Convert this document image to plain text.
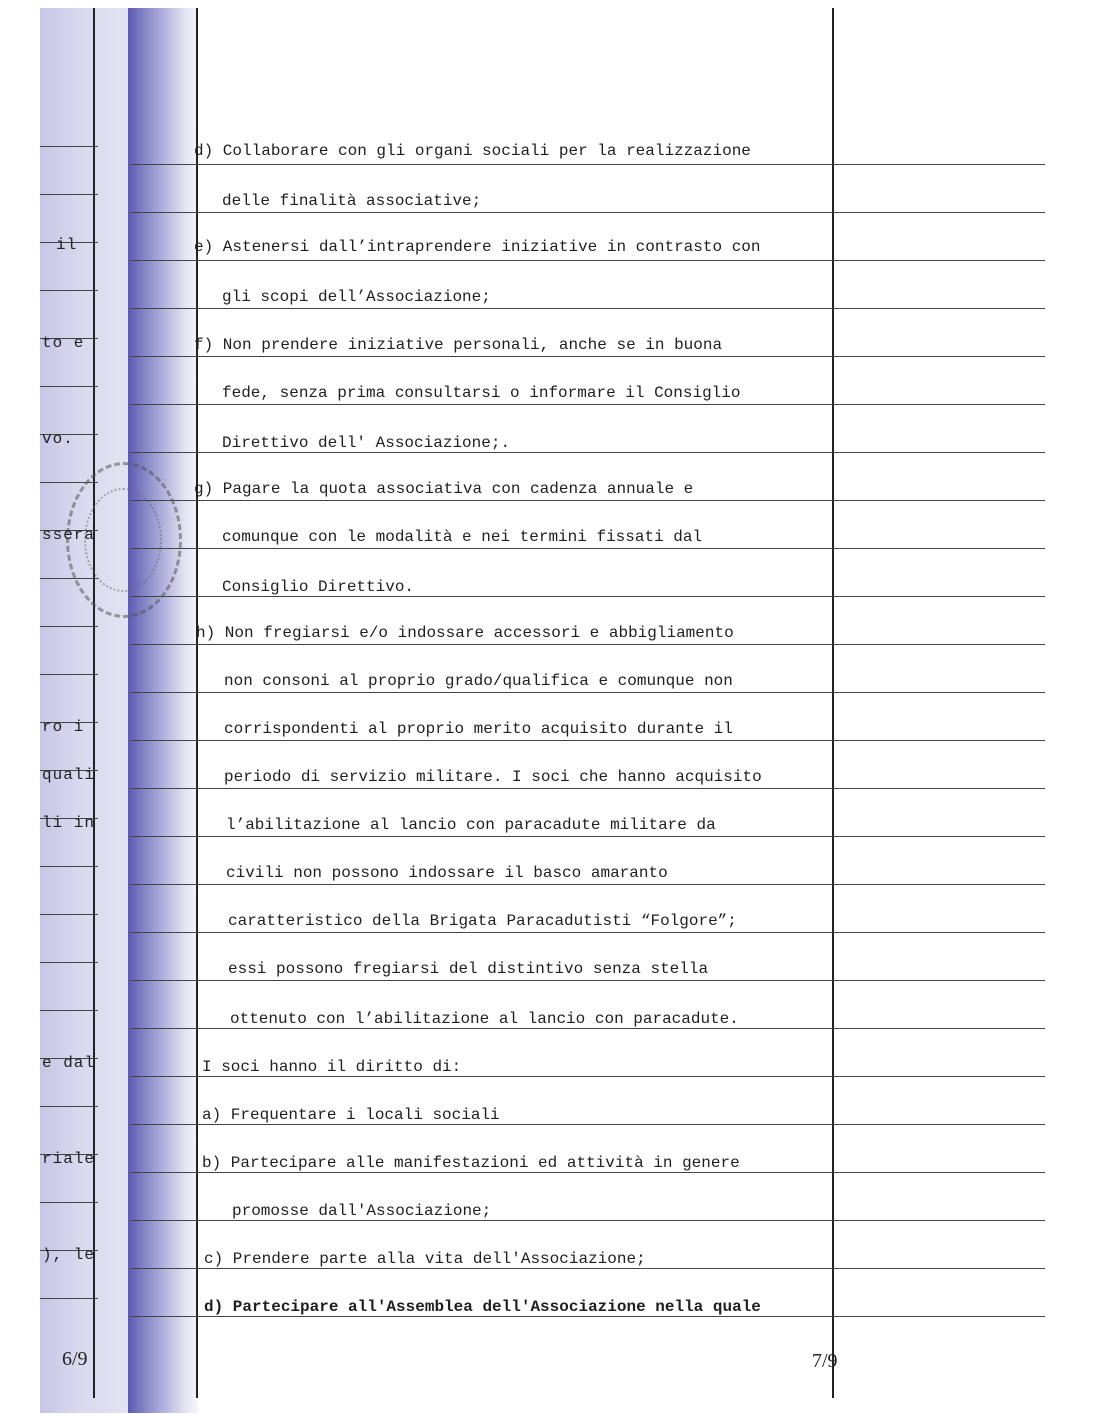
il
to e
vo.
ssera
ro i
quali
li in
e dal
riale
), le
6/9
d) Collaborare con gli organi sociali per la realizzazione
delle finalità associative;
e) Astenersi dall’intraprendere iniziative in contrasto con
gli scopi dell’Associazione;
f) Non prendere iniziative personali, anche se in buona
fede, senza prima consultarsi o informare il Consiglio
Direttivo dell' Associazione;.
g) Pagare la quota associativa con cadenza annuale e
comunque con le modalità e nei termini fissati dal
Consiglio Direttivo.
h) Non fregiarsi e/o indossare accessori e abbigliamento
non consoni al proprio grado/qualifica e comunque non
corrispondenti al proprio merito acquisito durante il
periodo di servizio militare. I soci che hanno acquisito
l’abilitazione al lancio con paracadute militare da
civili non possono indossare il basco amaranto
caratteristico della Brigata Paracadutisti “Folgore”;
essi possono fregiarsi del distintivo senza stella
ottenuto con l’abilitazione al lancio con paracadute.
I soci hanno il diritto di:
a) Frequentare i locali sociali
b) Partecipare alle manifestazioni ed attività in genere
promosse dall'Associazione;
c) Prendere parte alla vita dell'Associazione;
d) Partecipare all'Assemblea dell'Associazione nella quale
7/9
